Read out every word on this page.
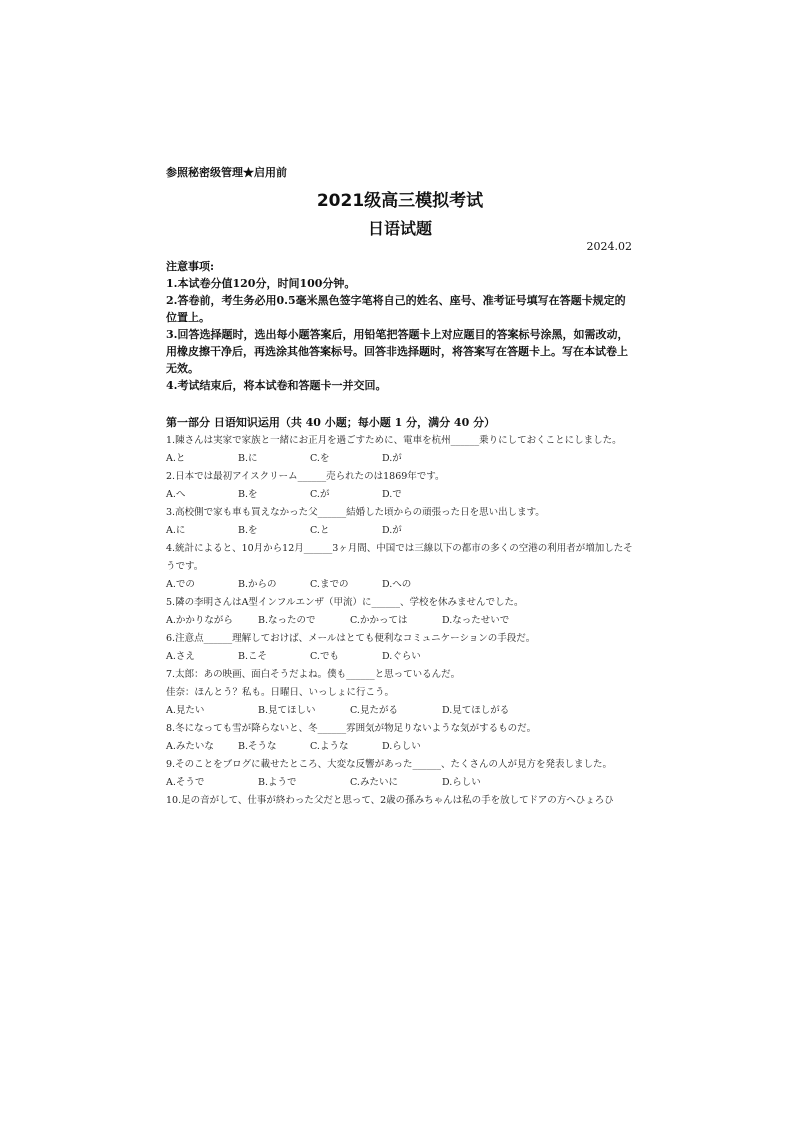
参照秘密级管理★启用前
2021级高三模拟考试
日语试题
2024.02
注意事项:
1.本试卷分值120分，时间100分钟。
2.答卷前，考生务必用0.5毫米黑色签字笔将自己的姓名、座号、准考证号填写在答题卡规定的位置上。
3.回答选择题时，选出每小题答案后，用铅笔把答题卡上对应题目的答案标号涂黑，如需改动，用橡皮擦干净后，再选涂其他答案标号。回答非选择题时，将答案写在答题卡上。写在本试卷上无效。
4.考试结束后，将本试卷和答题卡一并交回。
第一部分 日语知识运用（共 40 小题；每小题 1 分，满分 40 分）
1.陳さんは実家で家族と一緒にお正月を過ごすために、電車を杭州______乗りにしておくことにしました。
A.と	B.に	C.を	D.が
2.日本では最初アイスクリーム______売られたのは1869年です。
A.へ	B.を	C.が	D.で
3.高校側で家も車も買えなかった父______結婚した頃からの頑張った日を思い出します。
A.に	B.を	C.と	D.が
4.統計によると、10月から12月______3ヶ月間、中国では三線以下の都市の多くの空港の利用者が増加したそうです。
A.での	B.からの	C.までの	D.への
5.隣の李明さんはA型インフルエンザ（甲流）に______、学校を休みませんでした。
A.かかりながら	B.なったので	C.かかっては	D.なったせいで
6.注意点______理解しておけば、メールはとても便利なコミュニケーションの手段だ。
A.さえ	B.こそ	C.でも	D.ぐらい
7.太郎：あの映画、面白そうだよね。僕も______と思っているんだ。
佳奈：ほんとう？私も。日曜日、いっしょに行こう。
A.見たい	B.見てほしい	C.見たがる	D.見てほしがる
8.冬になっても雪が降らないと、冬______雰囲気が物足りないような気がするものだ。
A.みたいな	B.そうな	C.ような	D.らしい
9.そのことをブログに載せたところ、大変な反響があった______、たくさんの人が見方を発表しました。
A.そうで	B.ようで	C.みたいに	D.らしい
10.足の音がして、仕事が終わった父だと思って、2歳の孫みちゃんは私の手を放してドアの方へひょろひ
